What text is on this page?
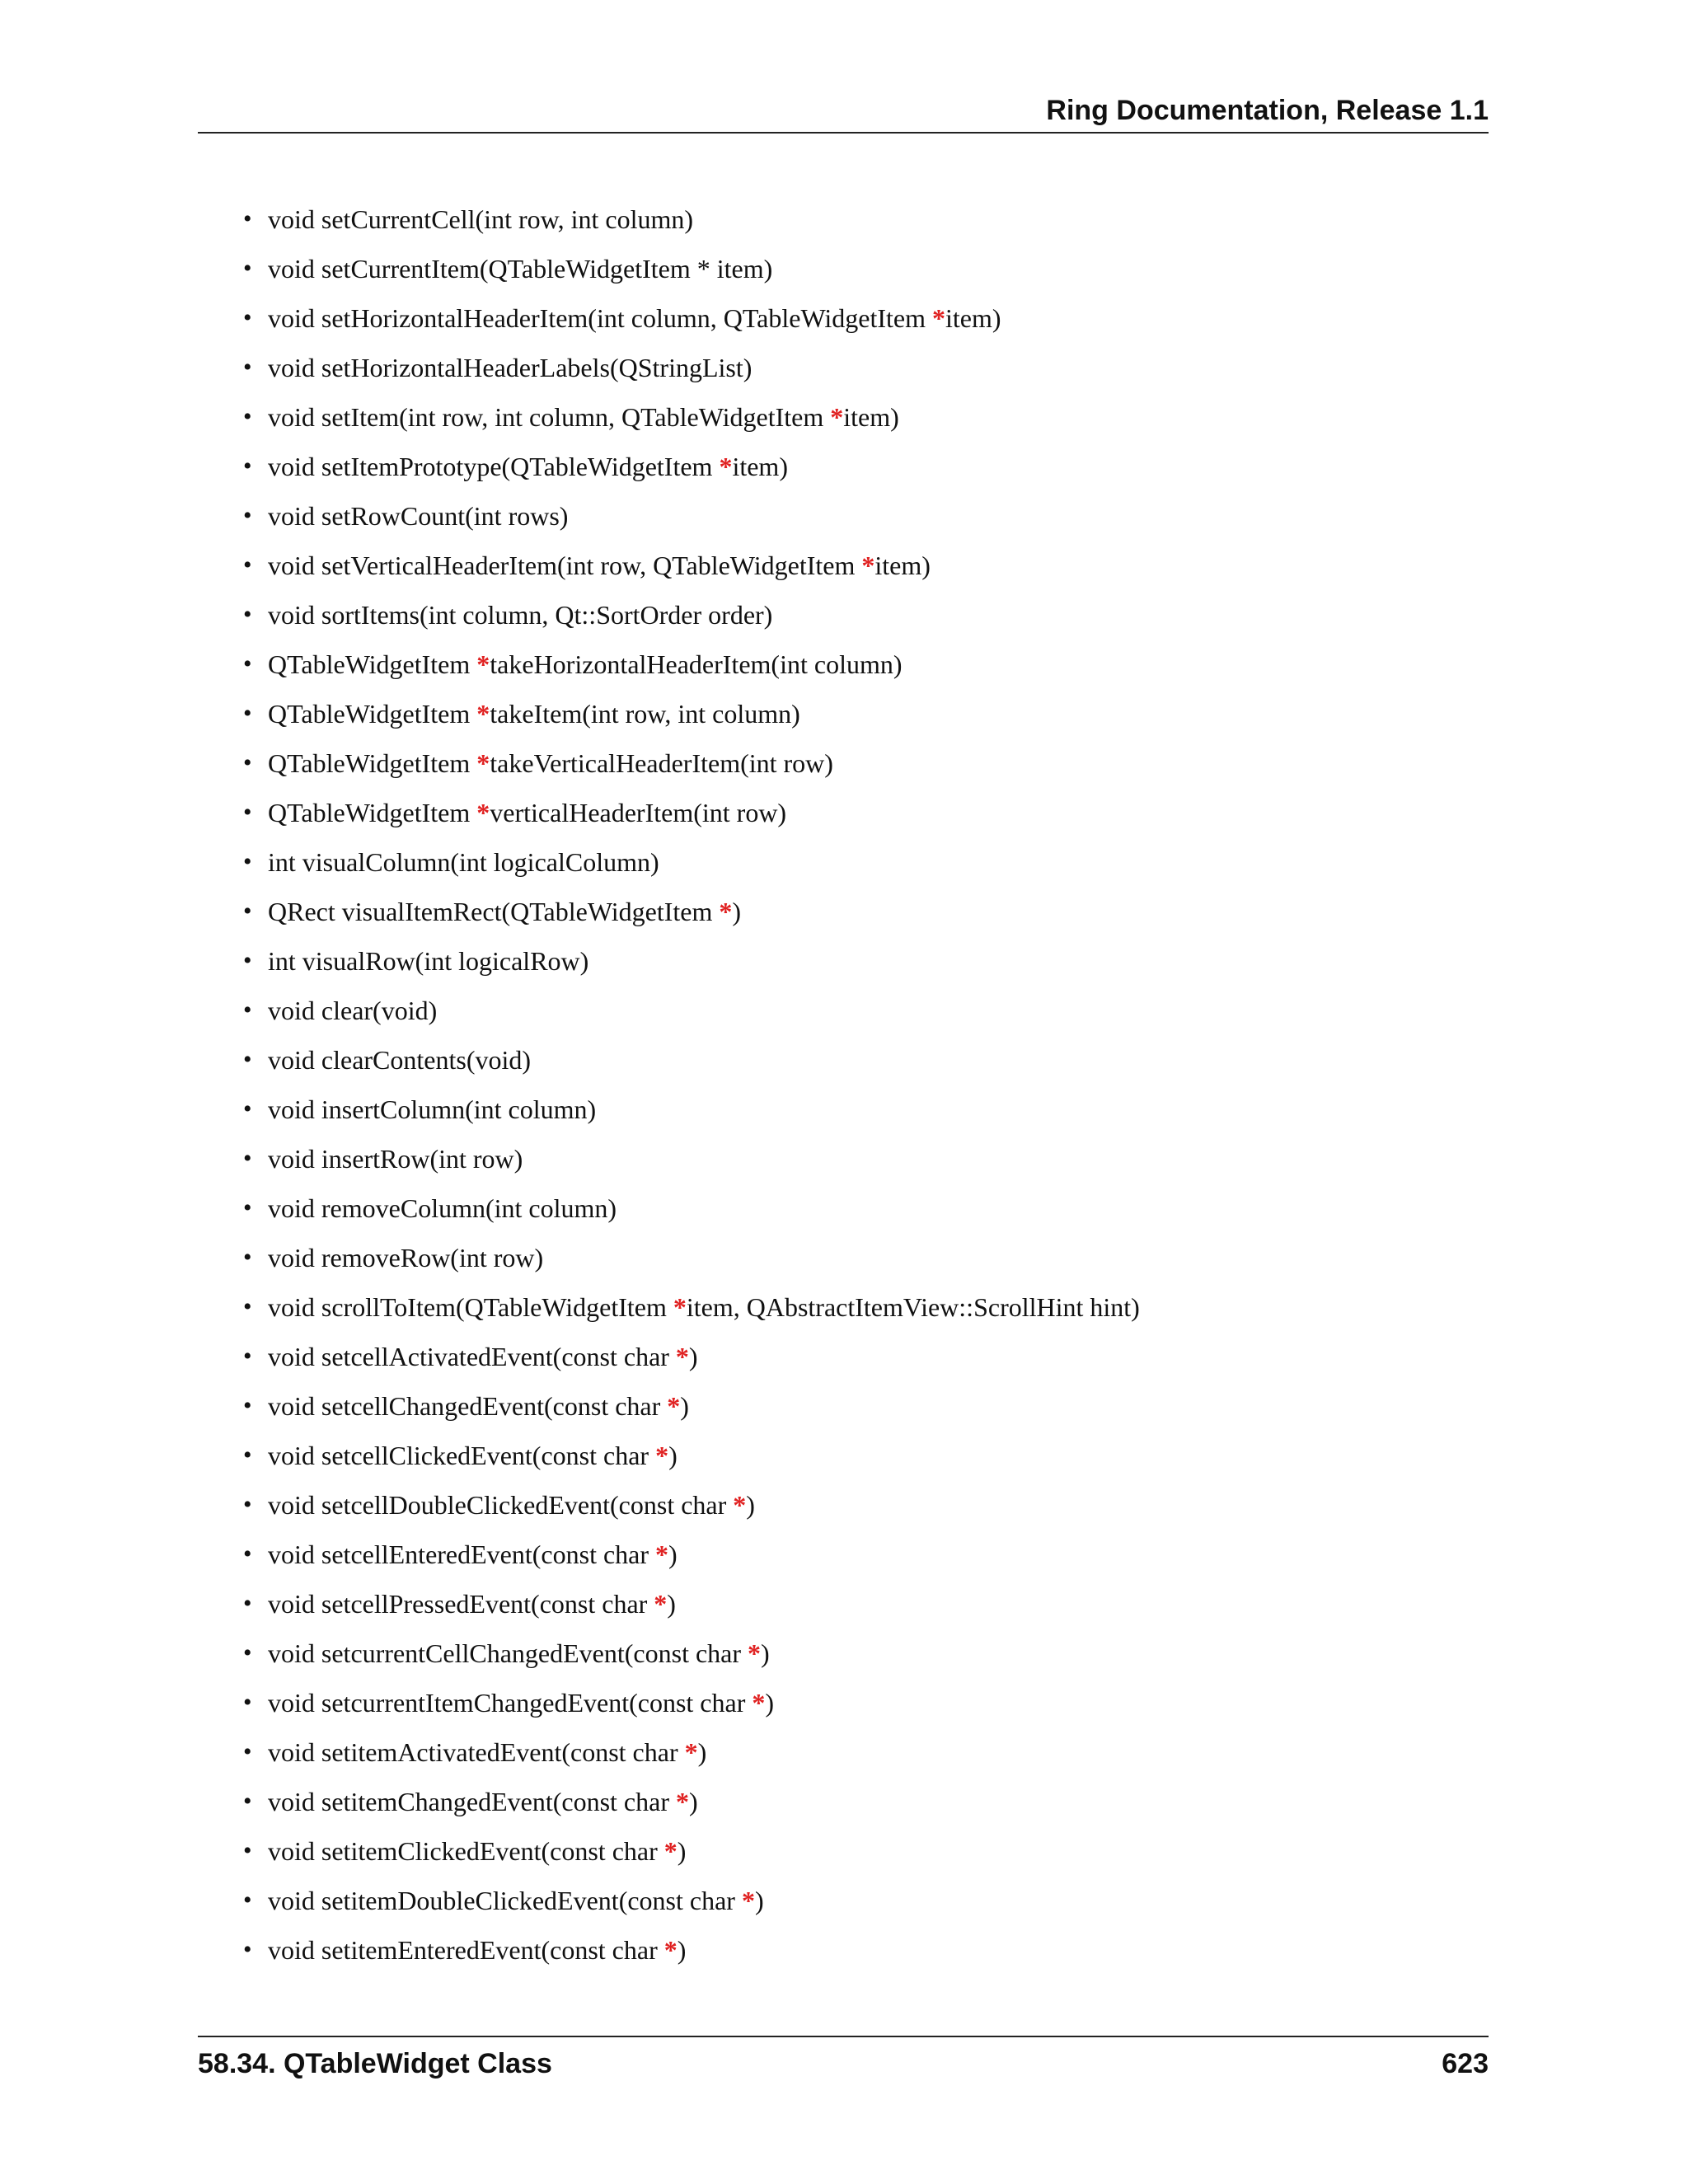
Ring Documentation, Release 1.1
• void setCurrentCell(int row, int column)
• void setCurrentItem(QTableWidgetItem * item)
• void setHorizontalHeaderItem(int column, QTableWidgetItem *item)
• void setHorizontalHeaderLabels(QStringList)
• void setItem(int row, int column, QTableWidgetItem *item)
• void setItemPrototype(QTableWidgetItem *item)
• void setRowCount(int rows)
• void setVerticalHeaderItem(int row, QTableWidgetItem *item)
• void sortItems(int column, Qt::SortOrder order)
• QTableWidgetItem *takeHorizontalHeaderItem(int column)
• QTableWidgetItem *takeItem(int row, int column)
• QTableWidgetItem *takeVerticalHeaderItem(int row)
• QTableWidgetItem *verticalHeaderItem(int row)
• int visualColumn(int logicalColumn)
• QRect visualItemRect(QTableWidgetItem *)
• int visualRow(int logicalRow)
• void clear(void)
• void clearContents(void)
• void insertColumn(int column)
• void insertRow(int row)
• void removeColumn(int column)
• void removeRow(int row)
• void scrollToItem(QTableWidgetItem *item, QAbstractItemView::ScrollHint hint)
• void setcellActivatedEvent(const char *)
• void setcellChangedEvent(const char *)
• void setcellClickedEvent(const char *)
• void setcellDoubleClickedEvent(const char *)
• void setcellEnteredEvent(const char *)
• void setcellPressedEvent(const char *)
• void setcurrentCellChangedEvent(const char *)
• void setcurrentItemChangedEvent(const char *)
• void setitemActivatedEvent(const char *)
• void setitemChangedEvent(const char *)
• void setitemClickedEvent(const char *)
• void setitemDoubleClickedEvent(const char *)
• void setitemEnteredEvent(const char *)
58.34. QTableWidget Class	623
